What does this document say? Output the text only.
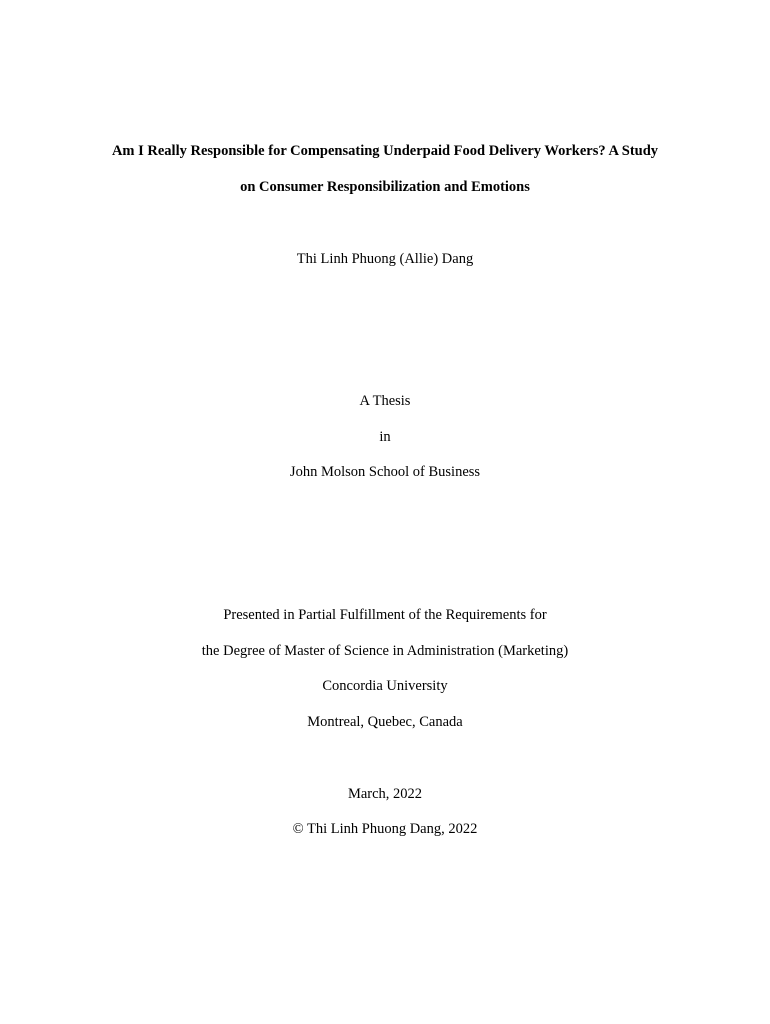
Am I Really Responsible for Compensating Underpaid Food Delivery Workers? A Study
on Consumer Responsibilization and Emotions
Thi Linh Phuong (Allie) Dang
A Thesis
in
John Molson School of Business
Presented in Partial Fulfillment of the Requirements for
the Degree of Master of Science in Administration (Marketing)
Concordia University
Montreal, Quebec, Canada
March, 2022
© Thi Linh Phuong Dang, 2022
